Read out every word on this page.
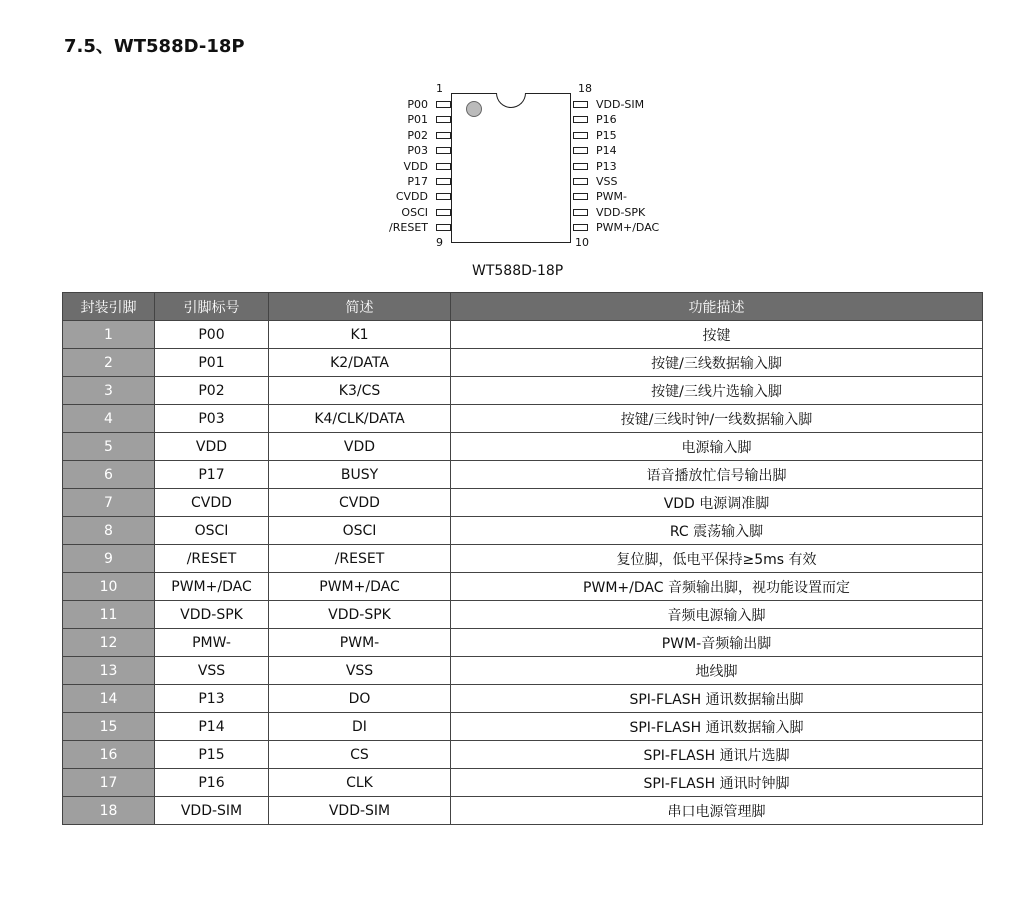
7.5、WT588D-18P
1	18
9	10
P00
P01
P02
P03
VDD
P17
CVDD
OSCI
/RESET
VDD-SIM
P16
P15
P14
P13
VSS
PWM-
VDD-SPK
PWM+/DAC
WT588D-18P
封装引脚	引脚标号	简述	功能描述
1	P00	K1	按键
2	P01	K2/DATA	按键/三线数据输入脚
3	P02	K3/CS	按键/三线片选输入脚
4	P03	K4/CLK/DATA	按键/三线时钟/一线数据输入脚
5	VDD	VDD	电源输入脚
6	P17	BUSY	语音播放忙信号输出脚
7	CVDD	CVDD	VDD 电源调准脚
8	OSCI	OSCI	RC 震荡输入脚
9	/RESET	/RESET	复位脚，低电平保持≥5ms 有效
10	PWM+/DAC	PWM+/DAC	PWM+/DAC 音频输出脚，视功能设置而定
11	VDD-SPK	VDD-SPK	音频电源输入脚
12	PMW-	PWM-	PWM-音频输出脚
13	VSS	VSS	地线脚
14	P13	DO	SPI-FLASH 通讯数据输出脚
15	P14	DI	SPI-FLASH 通讯数据输入脚
16	P15	CS	SPI-FLASH 通讯片选脚
17	P16	CLK	SPI-FLASH 通讯时钟脚
18	VDD-SIM	VDD-SIM	串口电源管理脚
